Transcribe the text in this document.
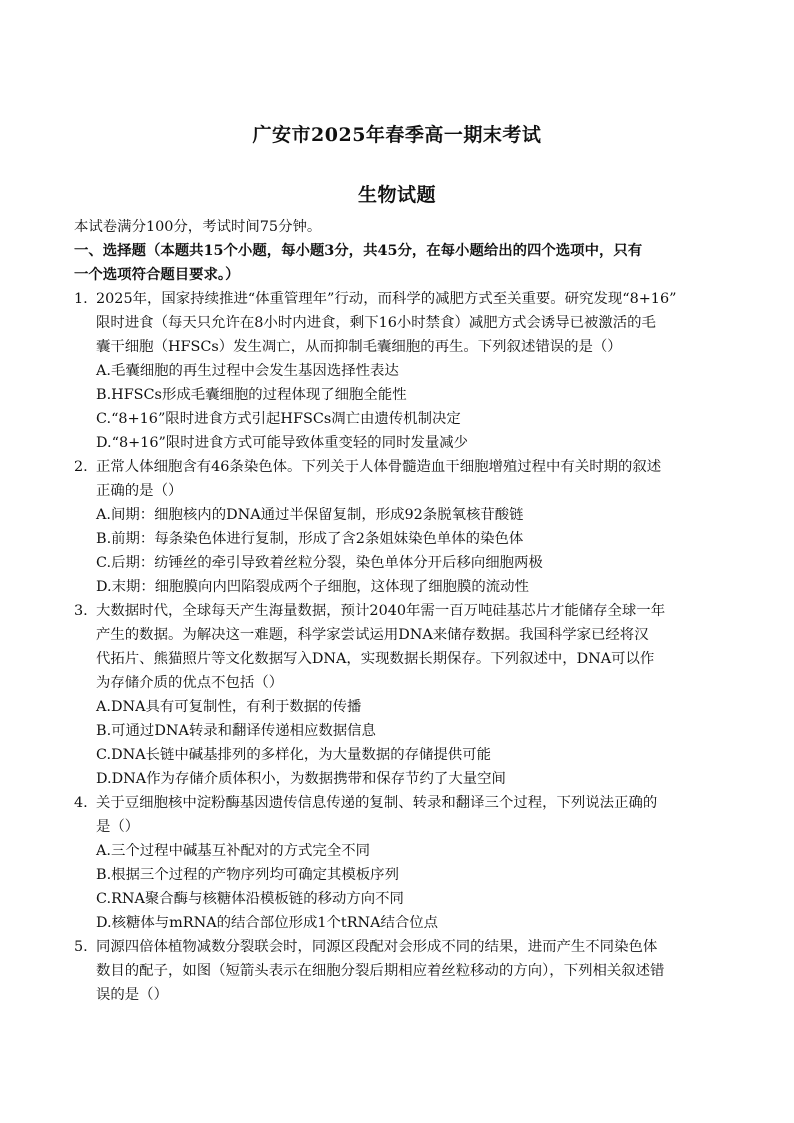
广安市2025年春季高一期末考试
生物试题
本试卷满分100分，考试时间75分钟。
一、选择题（本题共15个小题，每小题3分，共45分，在每小题给出的四个选项中，只有
一个选项符合题目要求。）
1. 2025年，国家持续推进“体重管理年”行动，而科学的减肥方式至关重要。研究发现“8+16”
限时进食（每天只允许在8小时内进食，剩下16小时禁食）减肥方式会诱导已被激活的毛
囊干细胞（HFSCs）发生凋亡，从而抑制毛囊细胞的再生。下列叙述错误的是（）
A.毛囊细胞的再生过程中会发生基因选择性表达
B.HFSCs形成毛囊细胞的过程体现了细胞全能性
C.“8+16”限时进食方式引起HFSCs凋亡由遗传机制决定
D.“8+16”限时进食方式可能导致体重变轻的同时发量减少
2. 正常人体细胞含有46条染色体。下列关于人体骨髓造血干细胞增殖过程中有关时期的叙述
正确的是（）
A.间期：细胞核内的DNA通过半保留复制，形成92条脱氧核苷酸链
B.前期：每条染色体进行复制，形成了含2条姐妹染色单体的染色体
C.后期：纺锤丝的牵引导致着丝粒分裂，染色单体分开后移向细胞两极
D.末期：细胞膜向内凹陷裂成两个子细胞，这体现了细胞膜的流动性
3. 大数据时代，全球每天产生海量数据，预计2040年需一百万吨硅基芯片才能储存全球一年
产生的数据。为解决这一难题，科学家尝试运用DNA来储存数据。我国科学家已经将汉
代拓片、熊猫照片等文化数据写入DNA，实现数据长期保存。下列叙述中，DNA可以作
为存储介质的优点不包括（）
A.DNA具有可复制性，有利于数据的传播
B.可通过DNA转录和翻译传递相应数据信息
C.DNA长链中碱基排列的多样化，为大量数据的存储提供可能
D.DNA作为存储介质体积小，为数据携带和保存节约了大量空间
4. 关于豆细胞核中淀粉酶基因遗传信息传递的复制、转录和翻译三个过程，下列说法正确的
是（）
A.三个过程中碱基互补配对的方式完全不同
B.根据三个过程的产物序列均可确定其模板序列
C.RNA聚合酶与核糖体沿模板链的移动方向不同
D.核糖体与mRNA的结合部位形成1个tRNA结合位点
5. 同源四倍体植物减数分裂联会时，同源区段配对会形成不同的结果，进而产生不同染色体
数目的配子，如图（短箭头表示在细胞分裂后期相应着丝粒移动的方向），下列相关叙述错
误的是（）
